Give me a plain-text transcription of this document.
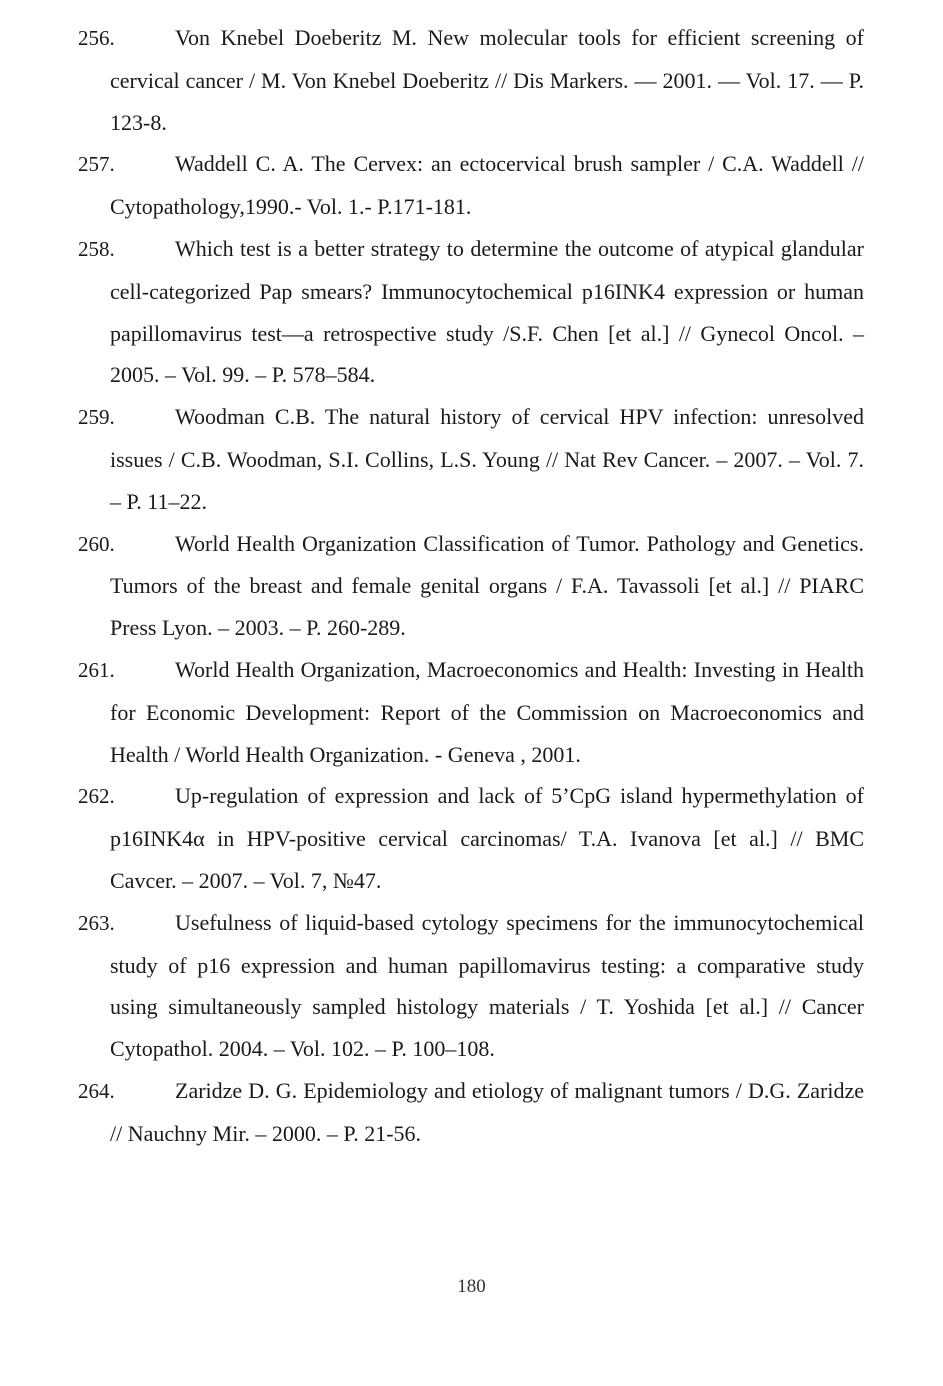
256.	Von Knebel Doeberitz M. New molecular tools for efficient screening of cervical cancer / M. Von Knebel Doeberitz // Dis Markers. — 2001. — Vol. 17. — P. 123-8.
257.	Waddell C. A. The Cervex: an ectocervical brush sampler / C.A. Waddell // Cytopathology,1990.- Vol. 1.- P.171-181.
258.	Which test is a better strategy to determine the outcome of atypical glandular cell-categorized Pap smears? Immunocytochemical p16INK4 expression or human papillomavirus test—a retrospective study /S.F. Chen [et al.] // Gynecol Oncol. – 2005. – Vol. 99. – P. 578–584.
259.	Woodman C.B. The natural history of cervical HPV infection: unresolved issues / C.B. Woodman, S.I. Collins, L.S. Young // Nat Rev Cancer. – 2007. – Vol. 7. – P. 11–22.
260.	World Health Organization Classification of Tumor. Pathology and Genetics. Tumors of the breast and female genital organs / F.A. Tavassoli [et al.] // PIARC Press Lyon. – 2003. – P. 260-289.
261.	World Health Organization, Macroeconomics and Health: Investing in Health for Economic Development: Report of the Commission on Macroeconomics and Health / World Health Organization. - Geneva , 2001.
262.	Up-regulation of expression and lack of 5’CpG island hypermethylation of p16INK4α in HPV-positive cervical carcinomas/ T.A. Ivanova [et al.] // BMC Cavcer. – 2007. – Vol. 7, №47.
263.	Usefulness of liquid-based cytology specimens for the immunocytochemical study of p16 expression and human papillomavirus testing: a comparative study using simultaneously sampled histology materials / T. Yoshida [et al.] // Cancer Cytopathol. 2004. – Vol. 102. – P. 100–108.
264.	Zaridze D. G. Epidemiology and etiology of malignant tumors / D.G. Zaridze // Nauchny Mir. – 2000. – P. 21-56.
180
